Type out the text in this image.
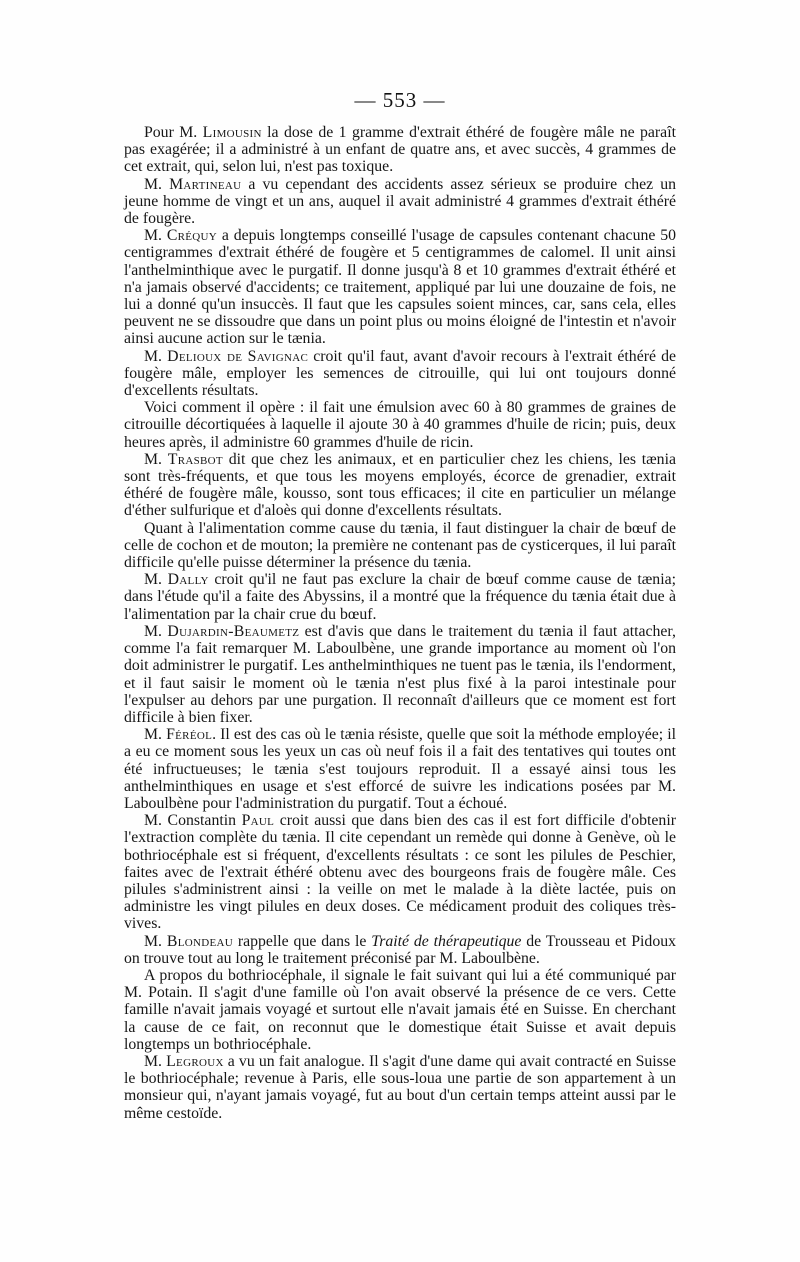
— 553 —

Pour M. Limousin la dose de 1 gramme d'extrait éthéré de fougère mâle ne paraît pas exagérée; il a administré à un enfant de quatre ans, et avec succès, 4 grammes de cet extrait, qui, selon lui, n'est pas toxique.

M. Martineau a vu cependant des accidents assez sérieux se produire chez un jeune homme de vingt et un ans, auquel il avait administré 4 grammes d'extrait éthéré de fougère.

M. Créquy a depuis longtemps conseillé l'usage de capsules contenant chacune 50 centigrammes d'extrait éthéré de fougère et 5 centigrammes de calomel. Il unit ainsi l'anthelminthique avec le purgatif. Il donne jusqu'à 8 et 10 grammes d'extrait éthéré et n'a jamais observé d'accidents; ce traitement, appliqué par lui une douzaine de fois, ne lui a donné qu'un insuccès. Il faut que les capsules soient minces, car, sans cela, elles peuvent ne se dissoudre que dans un point plus ou moins éloigné de l'intestin et n'avoir ainsi aucune action sur le tænia.

M. Delioux de Savignac croit qu'il faut, avant d'avoir recours à l'extrait éthéré de fougère mâle, employer les semences de citrouille, qui lui ont toujours donné d'excellents résultats.

Voici comment il opère : il fait une émulsion avec 60 à 80 grammes de graines de citrouille décortiquées à laquelle il ajoute 30 à 40 grammes d'huile de ricin; puis, deux heures après, il administre 60 grammes d'huile de ricin.

M. Trasbot dit que chez les animaux, et en particulier chez les chiens, les tænia sont très-fréquents, et que tous les moyens employés, écorce de grenadier, extrait éthéré de fougère mâle, kousso, sont tous efficaces; il cite en particulier un mélange d'éther sulfurique et d'aloès qui donne d'excellents résultats.

Quant à l'alimentation comme cause du tænia, il faut distinguer la chair de bœuf de celle de cochon et de mouton; la première ne contenant pas de cysticerques, il lui paraît difficile qu'elle puisse déterminer la présence du tænia.

M. Dally croit qu'il ne faut pas exclure la chair de bœuf comme cause de tænia; dans l'étude qu'il a faite des Abyssins, il a montré que la fréquence du tænia était due à l'alimentation par la chair crue du bœuf.

M. Dujardin-Beaumetz est d'avis que dans le traitement du tænia il faut attacher, comme l'a fait remarquer M. Laboulbène, une grande importance au moment où l'on doit administrer le purgatif. Les anthelminthiques ne tuent pas le tænia, ils l'endorment, et il faut saisir le moment où le tænia n'est plus fixé à la paroi intestinale pour l'expulser au dehors par une purgation. Il reconnaît d'ailleurs que ce moment est fort difficile à bien fixer.

M. Féréol. Il est des cas où le tænia résiste, quelle que soit la méthode employée; il a eu ce moment sous les yeux un cas où neuf fois il a fait des tentatives qui toutes ont été infructueuses; le tænia s'est toujours reproduit. Il a essayé ainsi tous les anthelminthiques en usage et s'est efforcé de suivre les indications posées par M. Laboulbène pour l'administration du purgatif. Tout a échoué.

M. Constantin Paul croit aussi que dans bien des cas il est fort difficile d'obtenir l'extraction complète du tænia. Il cite cependant un remède qui donne à Genève, où le bothriocéphale est si fréquent, d'excellents résultats : ce sont les pilules de Peschier, faites avec de l'extrait éthéré obtenu avec des bourgeons frais de fougère mâle. Ces pilules s'administrent ainsi : la veille on met le malade à la diète lactée, puis on administre les vingt pilules en deux doses. Ce médicament produit des coliques très-vives.

M. Blondeau rappelle que dans le Traité de thérapeutique de Trousseau et Pidoux on trouve tout au long le traitement préconisé par M. Laboulbène.

A propos du bothriocéphale, il signale le fait suivant qui lui a été communiqué par M. Potain. Il s'agit d'une famille où l'on avait observé la présence de ce vers. Cette famille n'avait jamais voyagé et surtout elle n'avait jamais été en Suisse. En cherchant la cause de ce fait, on reconnut que le domestique était Suisse et avait depuis longtemps un bothriocéphale.

M. Legroux a vu un fait analogue. Il s'agit d'une dame qui avait contracté en Suisse le bothriocéphale; revenue à Paris, elle sous-loua une partie de son appartement à un monsieur qui, n'ayant jamais voyagé, fut au bout d'un certain temps atteint aussi par le même cestoïde.
